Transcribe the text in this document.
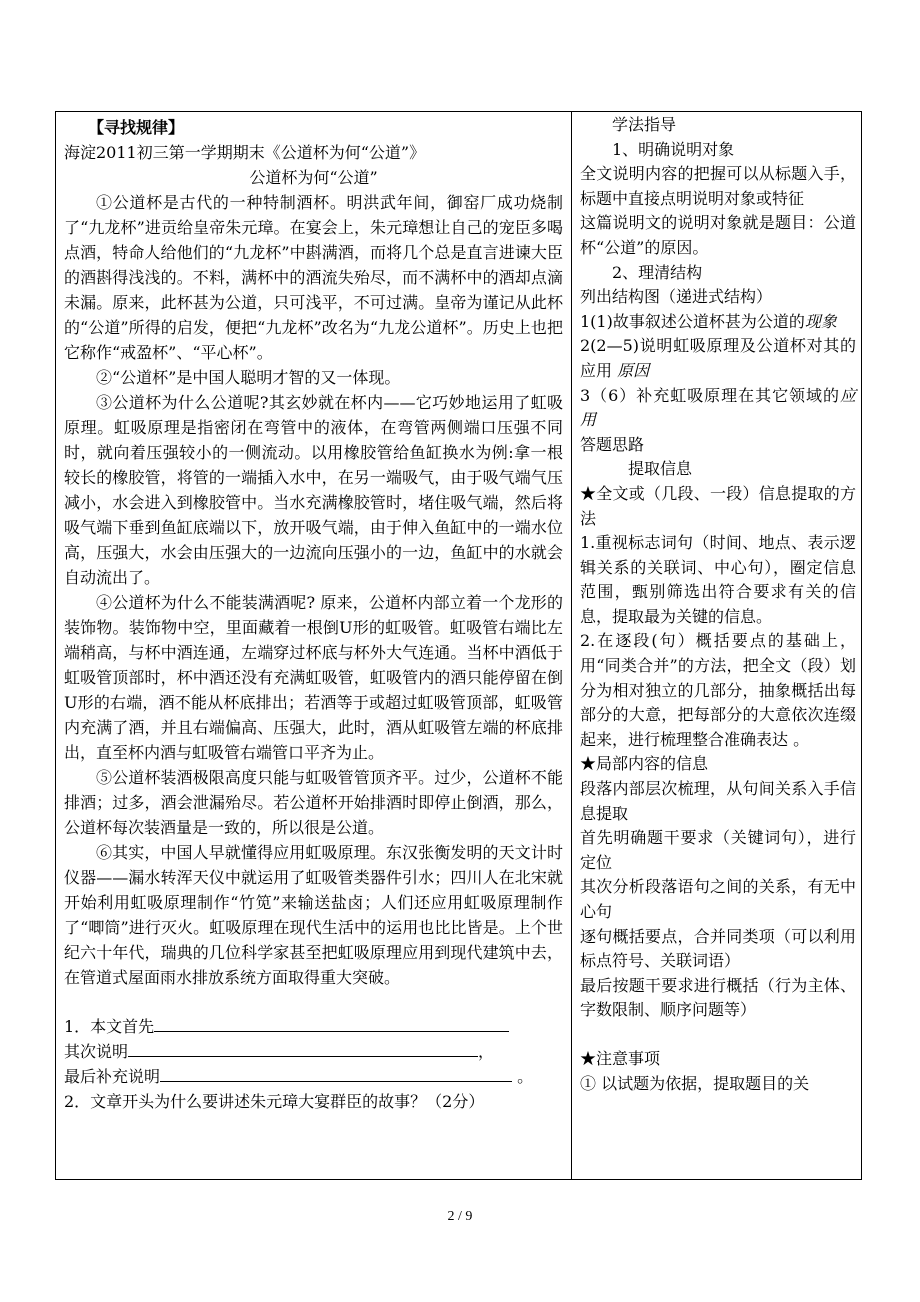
【寻找规律】

海淀2011初三第一学期期末《公道杯为何“公道”》

公道杯为何“公道”

①公道杯是古代的一种特制酒杯。明洪武年间，御窑厂成功烧制了“九龙杯”进贡给皇帝朱元璋。在宴会上，朱元璋想让自己的宠臣多喝点酒，特命人给他们的“九龙杯”中斟满酒，而将几个总是直言进谏大臣的酒斟得浅浅的。不料，满杯中的酒流失殆尽，而不满杯中的酒却点滴未漏。原来，此杯甚为公道，只可浅平，不可过满。皇帝为谨记从此杯的“公道”所得的启发，便把“九龙杯”改名为“九龙公道杯”。历史上也把它称作“戒盈杯”、“平心杯”。

②“公道杯”是中国人聪明才智的又一体现。

③公道杯为什么公道呢?其玄妙就在杯内——它巧妙地运用了虹吸原理。虹吸原理是指密闭在弯管中的液体，在弯管两侧端口压强不同时，就向着压强较小的一侧流动。以用橡胶管给鱼缸换水为例:拿一根较长的橡胶管，将管的一端插入水中，在另一端吸气，由于吸气端气压减小，水会进入到橡胶管中。当水充满橡胶管时，堵住吸气端，然后将吸气端下垂到鱼缸底端以下，放开吸气端，由于伸入鱼缸中的一端水位高，压强大，水会由压强大的一边流向压强小的一边，鱼缸中的水就会自动流出了。

④公道杯为什么不能装满酒呢? 原来，公道杯内部立着一个龙形的装饰物。装饰物中空，里面藏着一根倒U形的虹吸管。虹吸管右端比左端稍高，与杯中酒连通，左端穿过杯底与杯外大气连通。当杯中酒低于虹吸管顶部时，杯中酒还没有充满虹吸管，虹吸管内的酒只能停留在倒U形的右端，酒不能从杯底排出；若酒等于或超过虹吸管顶部，虹吸管内充满了酒，并且右端偏高、压强大，此时，酒从虹吸管左端的杯底排出，直至杯内酒与虹吸管右端管口平齐为止。

⑤公道杯装酒极限高度只能与虹吸管管顶齐平。过少，公道杯不能排酒；过多，酒会泄漏殆尽。若公道杯开始排酒时即停止倒酒，那么，公道杯每次装酒量是一致的，所以很是公道。

⑥其实，中国人早就懂得应用虹吸原理。东汉张衡发明的天文计时仪器——漏水转浑天仪中就运用了虹吸管类器件引水；四川人在北宋就开始利用虹吸原理制作“竹笕”来输送盐卤；人们还应用虹吸原理制作了“唧筒”进行灭火。虹吸原理在现代生活中的运用也比比皆是。上个世纪六十年代，瑞典的几位科学家甚至把虹吸原理应用到现代建筑中去，在管道式屋面雨水排放系统方面取得重大突破。

1．本文首先

其次说明	，

最后补充说明	。

2．文章开头为什么要讲述朱元璋大宴群臣的故事？（2分）

学法指导

1、明确说明对象

全文说明内容的把握可以从标题入手，标题中直接点明说明对象或特征

这篇说明文的说明对象就是题目：公道杯“公道”的原因。

2、理清结构

列出结构图（递进式结构）

1(1)故事叙述公道杯甚为公道的现象

2(2—5)说明虹吸原理及公道杯对其的应用 原因

3（6）补充虹吸原理在其它领域的应用

答题思路

提取信息

★全文或（几段、一段）信息提取的方法

1.重视标志词句（时间、地点、表示逻辑关系的关联词、中心句），圈定信息范围，甄别筛选出符合要求有关的信息，提取最为关键的信息。

2.在逐段(句）概括要点的基础上，用“同类合并”的方法，把全文（段）划分为相对独立的几部分，抽象概括出每部分的大意，把每部分的大意依次连缀起来，进行梳理整合准确表达 。

★局部内容的信息

段落内部层次梳理，从句间关系入手信息提取

首先明确题干要求（关键词句），进行定位

其次分析段落语句之间的关系，有无中心句

逐句概括要点，合并同类项（可以利用标点符号、关联词语）

最后按题干要求进行概括（行为主体、字数限制、顺序问题等）

★注意事项

① 以试题为依据，提取题目的关

2 / 9
